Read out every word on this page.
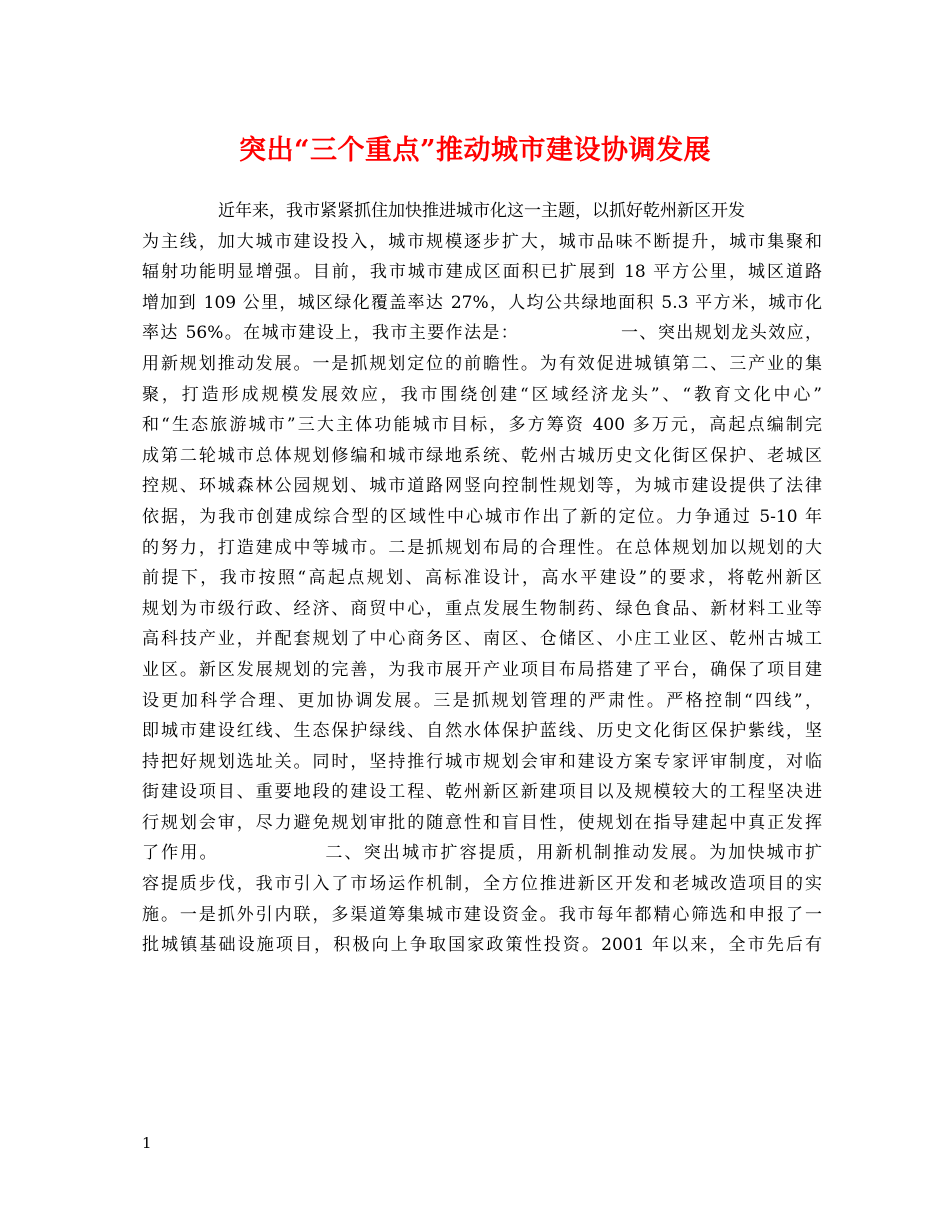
突出“三个重点”推动城市建设协调发展
近年来，我市紧紧抓住加快推进城市化这一主题，以抓好乾州新区开发
为主线，加大城市建设投入，城市规模逐步扩大，城市品味不断提升，城市集聚和
辐射功能明显增强。目前，我市城市建成区面积已扩展到 18 平方公里，城区道路
增加到 109 公里，城区绿化覆盖率达 27%，人均公共绿地面积 5.3 平方米，城市化
率达 56%。在城市建设上，我市主要作法是：　　　　　　一、突出规划龙头效应，
用新规划推动发展。一是抓规划定位的前瞻性。为有效促进城镇第二、三产业的集
聚，打造形成规模发展效应，我市围绕创建“区域经济龙头”、“教育文化中心”
和“生态旅游城市”三大主体功能城市目标，多方筹资 400 多万元，高起点编制完
成第二轮城市总体规划修编和城市绿地系统、乾州古城历史文化街区保护、老城区
控规、环城森林公园规划、城市道路网竖向控制性规划等，为城市建设提供了法律
依据，为我市创建成综合型的区域性中心城市作出了新的定位。力争通过 5-10 年
的努力，打造建成中等城市。二是抓规划布局的合理性。在总体规划加以规划的大
前提下，我市按照“高起点规划、高标准设计，高水平建设”的要求，将乾州新区
规划为市级行政、经济、商贸中心，重点发展生物制药、绿色食品、新材料工业等
高科技产业，并配套规划了中心商务区、南区、仓储区、小庄工业区、乾州古城工
业区。新区发展规划的完善，为我市展开产业项目布局搭建了平台，确保了项目建
设更加科学合理、更加协调发展。三是抓规划管理的严肃性。严格控制“四线”，
即城市建设红线、生态保护绿线、自然水体保护蓝线、历史文化街区保护紫线，坚
持把好规划选址关。同时，坚持推行城市规划会审和建设方案专家评审制度，对临
街建设项目、重要地段的建设工程、乾州新区新建项目以及规模较大的工程坚决进
行规划会审，尽力避免规划审批的随意性和盲目性，使规划在指导建起中真正发挥
了作用。　　　　　　二、突出城市扩容提质，用新机制推动发展。为加快城市扩
容提质步伐，我市引入了市场运作机制，全方位推进新区开发和老城改造项目的实
施。一是抓外引内联，多渠道筹集城市建设资金。我市每年都精心筛选和申报了一
批城镇基础设施项目，积极向上争取国家政策性投资。2001 年以来，全市先后有
1
